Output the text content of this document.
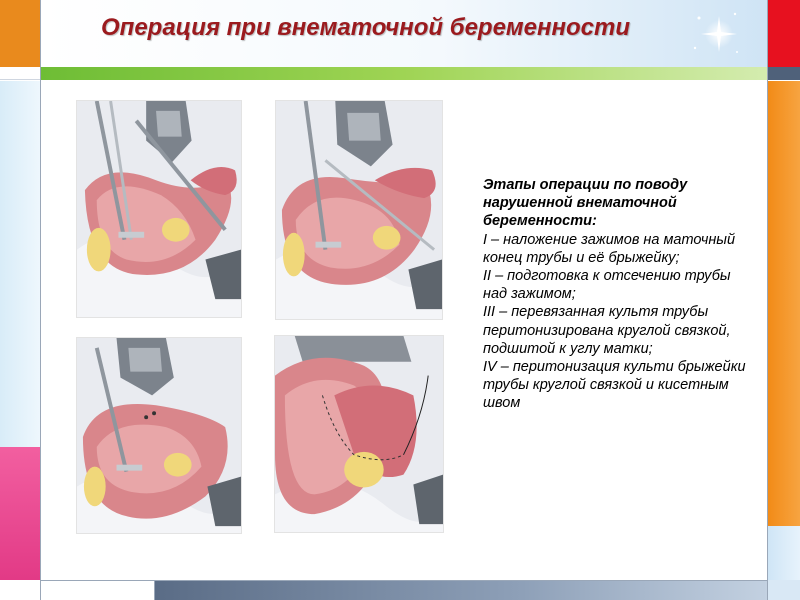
Операция при внематочной беременности
Этапы операции по поводу нарушенной внематочной беременности:
I – наложение зажимов на маточный конец трубы и её брыжейку;
II – подготовка к отсечению трубы над зажимом;
III – перевязанная культя трубы перитонизирована круглой связкой, подшитой к углу матки;
IV – перитонизация культи брыжейки трубы круглой связкой и кисетным швом
